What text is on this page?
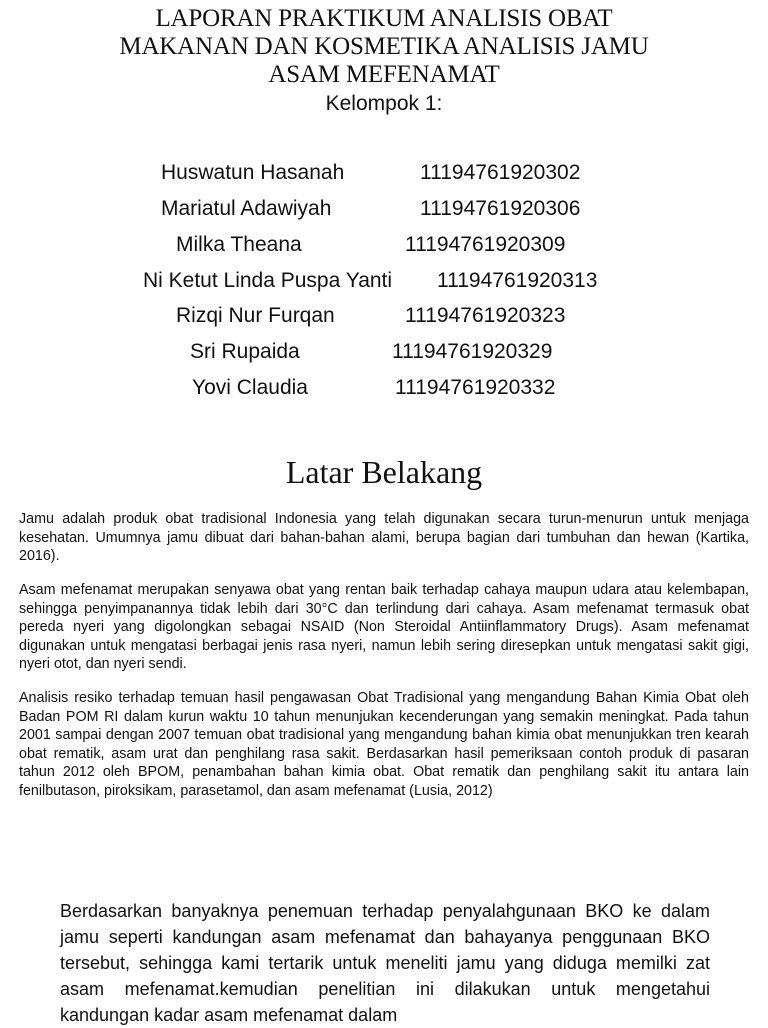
LAPORAN PRAKTIKUM ANALISIS OBAT
MAKANAN DAN KOSMETIKA ANALISIS JAMU
ASAM MEFENAMAT
Kelompok 1:
Huswatun Hasanah	11194761920302
Mariatul Adawiyah	11194761920306
Milka Theana	11194761920309
Ni Ketut Linda Puspa Yanti 11194761920313
Rizqi Nur Furqan	11194761920323
Sri Rupaida	11194761920329
Yovi Claudia	11194761920332
Latar Belakang

Jamu adalah produk obat tradisional Indonesia yang telah digunakan secara turun-menurun untuk menjaga kesehatan. Umumnya jamu dibuat dari bahan-bahan alami, berupa bagian dari tumbuhan dan hewan (Kartika, 2016).

Asam mefenamat merupakan senyawa obat yang rentan baik terhadap cahaya maupun udara atau kelembapan, sehingga penyimpanannya tidak lebih dari 30°C dan terlindung dari cahaya. Asam mefenamat termasuk obat pereda nyeri yang digolongkan sebagai NSAID (Non Steroidal Antiinflammatory Drugs). Asam mefenamat digunakan untuk mengatasi berbagai jenis rasa nyeri, namun lebih sering diresepkan untuk mengatasi sakit gigi, nyeri otot, dan nyeri sendi.

Analisis resiko terhadap temuan hasil pengawasan Obat Tradisional yang mengandung Bahan Kimia Obat oleh Badan POM RI dalam kurun waktu 10 tahun menunjukan kecenderungan yang semakin meningkat. Pada tahun 2001 sampai dengan 2007 temuan obat tradisional yang mengandung bahan kimia obat menunjukkan tren kearah obat rematik, asam urat dan penghilang rasa sakit. Berdasarkan hasil pemeriksaan contoh produk di pasaran tahun 2012 oleh BPOM, penambahan bahan kimia obat. Obat rematik dan penghilang sakit itu antara lain fenilbutason, piroksikam, parasetamol, dan asam mefenamat (Lusia, 2012)

Berdasarkan banyaknya penemuan terhadap penyalahgunaan BKO ke dalam jamu seperti kandungan asam mefenamat dan bahayanya penggunaan BKO tersebut, sehingga kami tertarik untuk meneliti jamu yang diduga memilki zat asam mefenamat.kemudian penelitian ini dilakukan untuk mengetahui kandungan kadar asam mefenamat dalam
